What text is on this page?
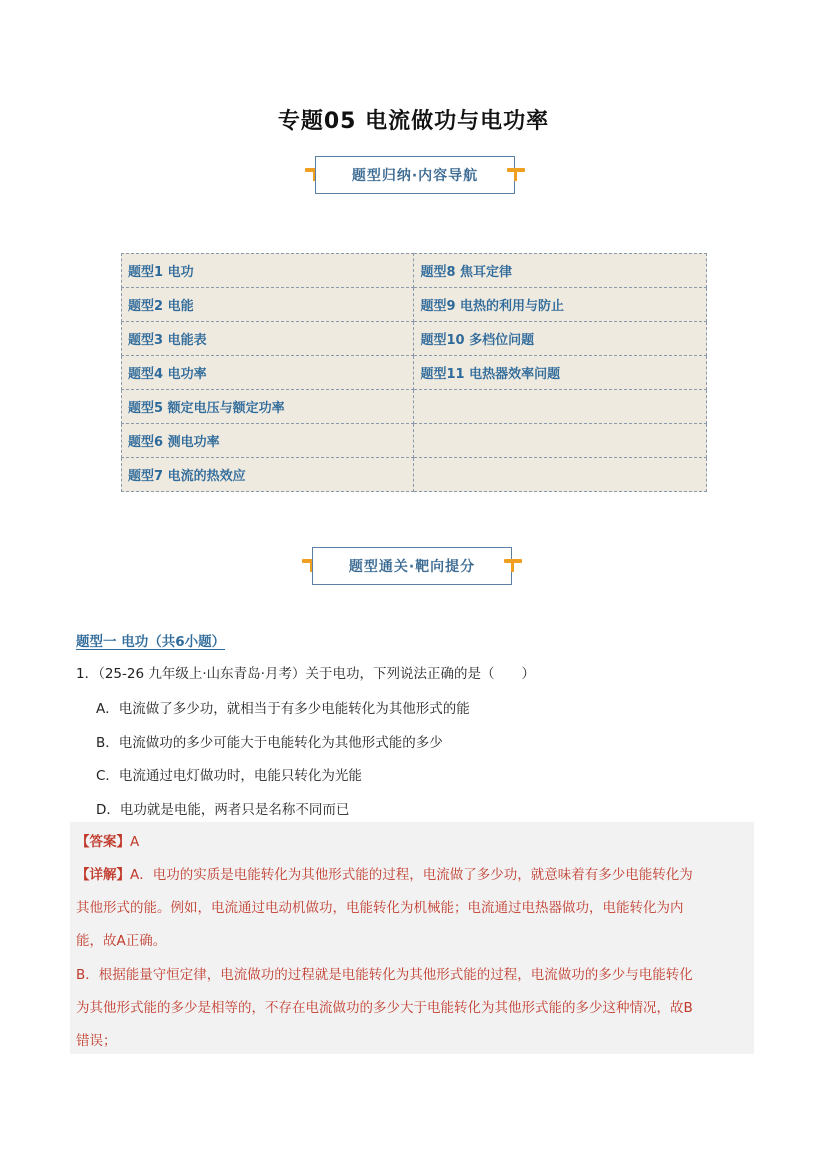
专题05 电流做功与电功率
题型归纳·内容导航
题型1 电功	题型8 焦耳定律
题型2 电能	题型9 电热的利用与防止
题型3 电能表	题型10 多档位问题
题型4 电功率	题型11 电热器效率问题
题型5 额定电压与额定功率	
题型6 测电功率	
题型7 电流的热效应	
题型通关·靶向提分
题型一 电功（共6小题）
1．（25-26 九年级上·山东青岛·月考）关于电功，下列说法正确的是（　　）
A．电流做了多少功，就相当于有多少电能转化为其他形式的能
B．电流做功的多少可能大于电能转化为其他形式能的多少
C．电流通过电灯做功时，电能只转化为光能
D．电功就是电能，两者只是名称不同而已
【答案】A
【详解】A．电功的实质是电能转化为其他形式能的过程，电流做了多少功，就意味着有多少电能转化为
其他形式的能。例如，电流通过电动机做功，电能转化为机械能；电流通过电热器做功，电能转化为内
能，故A正确。
B．根据能量守恒定律，电流做功的过程就是电能转化为其他形式能的过程，电流做功的多少与电能转化
为其他形式能的多少是相等的，不存在电流做功的多少大于电能转化为其他形式能的多少这种情况，故B
错误；
